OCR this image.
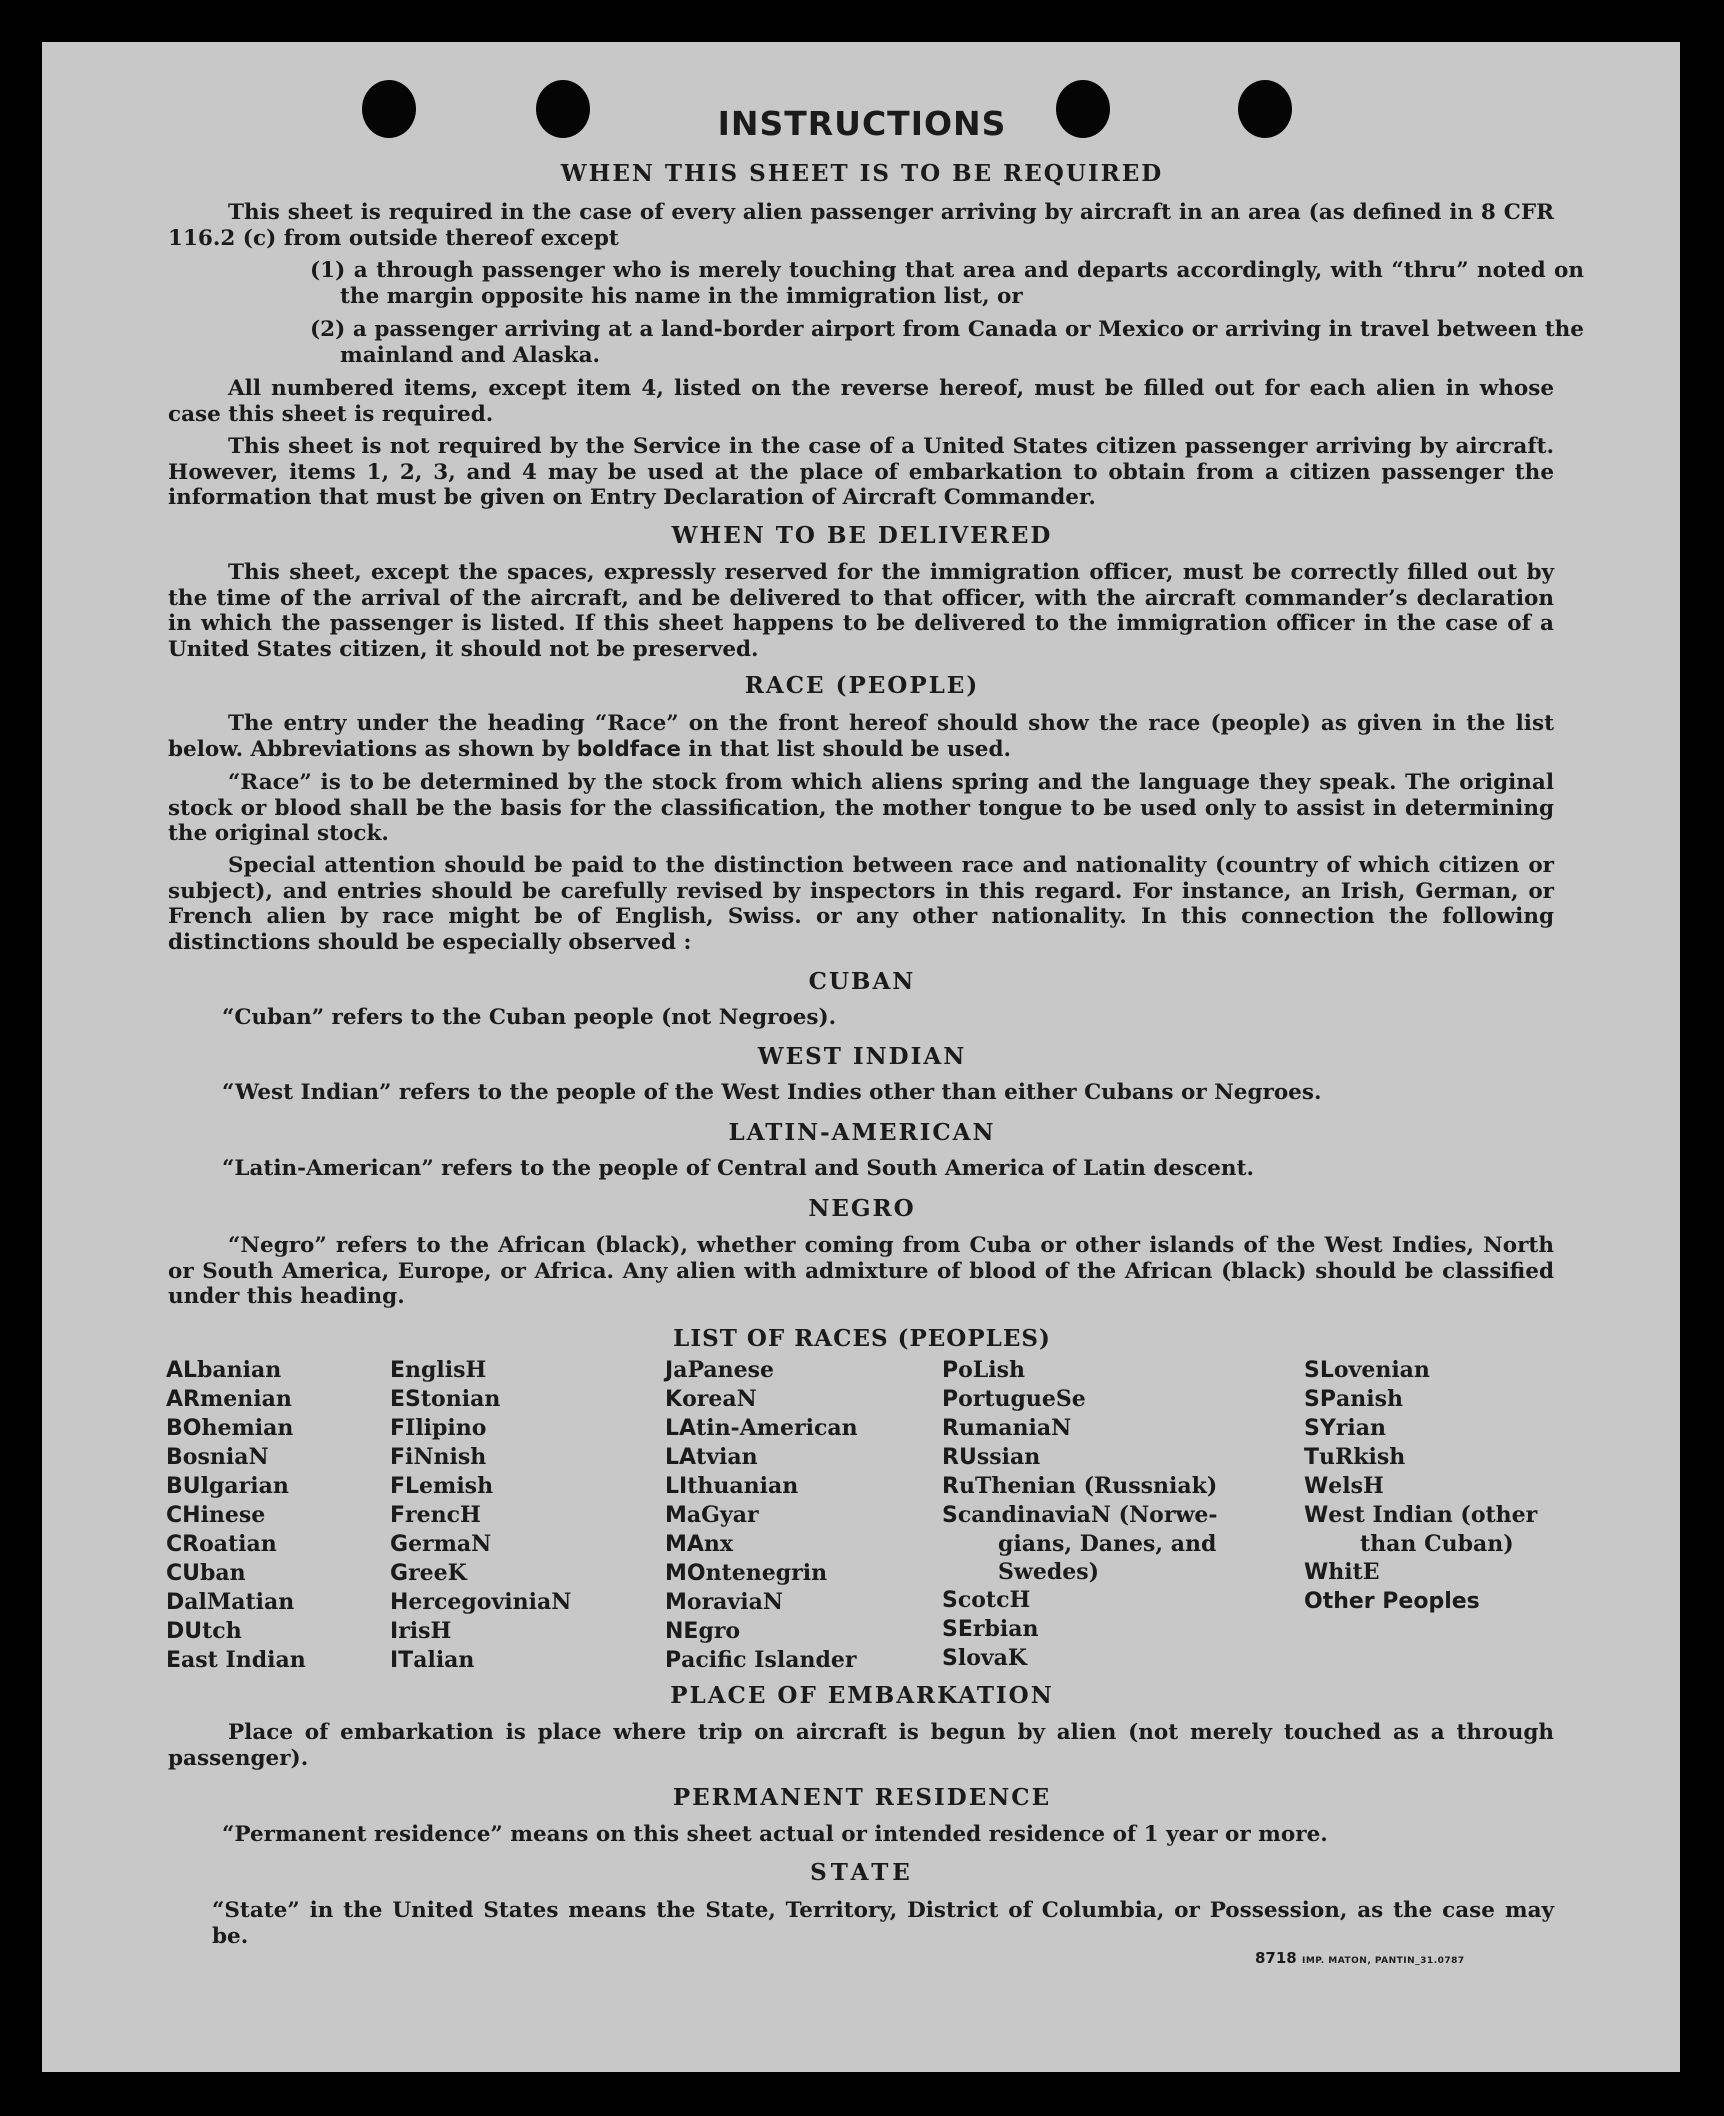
INSTRUCTIONS
WHEN THIS SHEET IS TO BE REQUIRED
This sheet is required in the case of every alien passenger arriving by aircraft in an area (as defined in 8 CFR 116.2 (c) from outside thereof except
(1) a through passenger who is merely touching that area and departs accordingly, with “thru” noted on the margin opposite his name in the immigration list, or
(2) a passenger arriving at a land-border airport from Canada or Mexico or arriving in travel between the mainland and Alaska.
All numbered items, except item 4, listed on the reverse hereof, must be filled out for each alien in whose case this sheet is required.
This sheet is not required by the Service in the case of a United States citizen passenger arriving by aircraft. However, items 1, 2, 3, and 4 may be used at the place of embarkation to obtain from a citizen passenger the information that must be given on Entry Declaration of Aircraft Commander.
WHEN TO BE DELIVERED
This sheet, except the spaces, expressly reserved for the immigration officer, must be correctly filled out by the time of the arrival of the aircraft, and be delivered to that officer, with the aircraft commander’s declaration in which the passenger is listed. If this sheet happens to be delivered to the immigration officer in the case of a United States citizen, it should not be preserved.
RACE (PEOPLE)
The entry under the heading “Race” on the front hereof should show the race (people) as given in the list below. Abbreviations as shown by boldface in that list should be used.
“Race” is to be determined by the stock from which aliens spring and the language they speak. The original stock or blood shall be the basis for the classification, the mother tongue to be used only to assist in determining the original stock.
Special attention should be paid to the distinction between race and nationality (country of which citizen or subject), and entries should be carefully revised by inspectors in this regard. For instance, an Irish, German, or French alien by race might be of English, Swiss. or any other nationality. In this connection the following distinctions should be especially observed :
CUBAN
“Cuban” refers to the Cuban people (not Negroes).
WEST INDIAN
“West Indian” refers to the people of the West Indies other than either Cubans or Negroes.
LATIN-AMERICAN
“Latin-American” refers to the people of Central and South America of Latin descent.
NEGRO
“Negro” refers to the African (black), whether coming from Cuba or other islands of the West Indies, North or South America, Europe, or Africa. Any alien with admixture of blood of the African (black) should be classified under this heading.
LIST OF RACES (PEOPLES)
ALbanian
ARmenian
BOhemian
BosniaN
BUlgarian
CHinese
CRoatian
CUban
DalMatian
DUtch
East Indian
EnglisH
EStonian
FIlipino
FiNnish
FLemish
FrencH
GermaN
GreeK
HercegoviniaN
IrisH
ITalian
JaPanese
KoreaN
LAtin-American
LAtvian
LIthuanian
MaGyar
MAnx
MOntenegrin
MoraviaN
NEgro
Pacific Islander
PoLish
PortugueSe
RumaniaN
RUssian
RuThenian (Russniak)
ScandinaviaN (Norwe-
gians, Danes, and
Swedes)
ScotcH
SErbian
SlovaK
SLovenian
SPanish
SYrian
TuRkish
WelsH
West Indian (other
than Cuban)
WhitE
Other Peoples
PLACE OF EMBARKATION
Place of embarkation is place where trip on aircraft is begun by alien (not merely touched as a through passenger).
PERMANENT RESIDENCE
“Permanent residence” means on this sheet actual or intended residence of 1 year or more.
STATE
“State” in the United States means the State, Territory, District of Columbia, or Possession, as the case may be.
8718 IMP. MATON, PANTIN_31.0787
